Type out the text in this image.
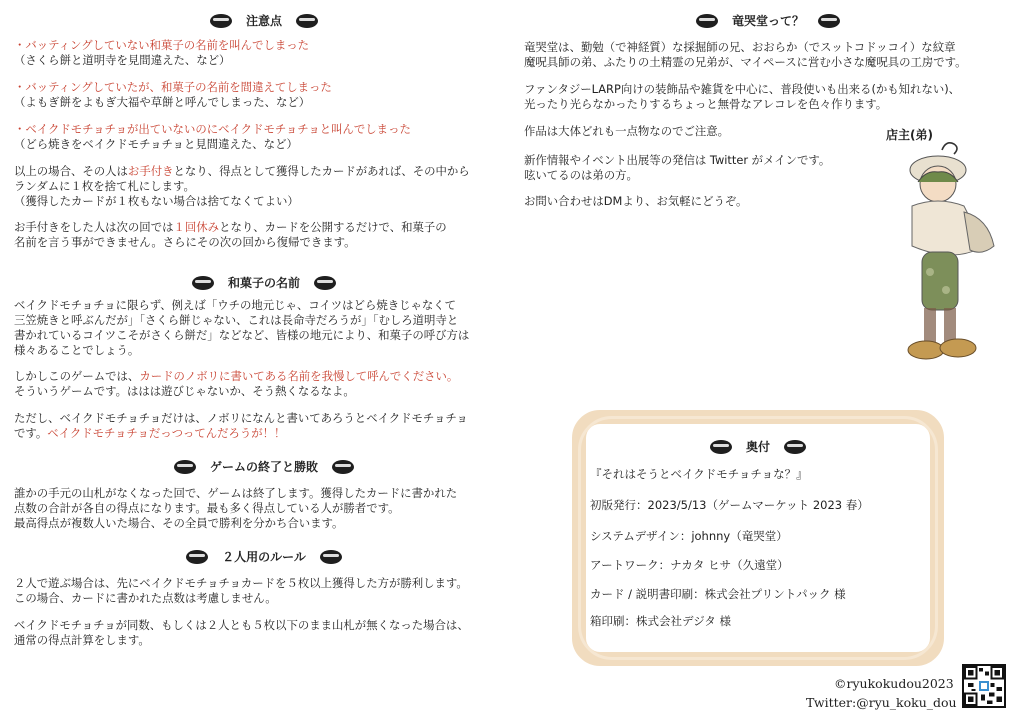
注意点
・バッティングしていない和菓子の名前を叫んでしまった
（さくら餅と道明寺を見間違えた、など）
・バッティングしていたが、和菓子の名前を間違えてしまった
（よもぎ餅をよもぎ大福や草餅と呼んでしまった、など）
・ベイクドモチョチョが出ていないのにベイクドモチョチョと叫んでしまった
（どら焼きをベイクドモチョチョと見間違えた、など）
以上の場合、その人はお手付きとなり、得点として獲得したカードがあれば、その中から
ランダムに１枚を捨て札にします。
（獲得したカードが１枚もない場合は捨てなくてよい）
お手付きをした人は次の回では１回休みとなり、カードを公開するだけで、和菓子の
名前を言う事ができません。さらにその次の回から復帰できます。
和菓子の名前
ベイクドモチョチョに限らず、例えば「ウチの地元じゃ、コイツはどら焼きじゃなくて
三笠焼きと呼ぶんだが」「さくら餅じゃない、これは長命寺だろうが」「むしろ道明寺と
書かれているコイツこそがさくら餅だ」などなど、皆様の地元により、和菓子の呼び方は
様々あることでしょう。
しかしこのゲームでは、カードのノボリに書いてある名前を我慢して呼んでください。
そういうゲームです。ははは遊びじゃないか、そう熱くなるなよ。
ただし、ベイクドモチョチョだけは、ノボリになんと書いてあろうとベイクドモチョチョ
です。ベイクドモチョチョだっつってんだろうが！！
ゲームの終了と勝敗
誰かの手元の山札がなくなった回で、ゲームは終了します。獲得したカードに書かれた
点数の合計が各自の得点になります。最も多く得点している人が勝者です。
最高得点が複数人いた場合、その全員で勝利を分かち合います。
２人用のルール
２人で遊ぶ場合は、先にベイクドモチョチョカードを５枚以上獲得した方が勝利します。
この場合、カードに書かれた点数は考慮しません。
ベイクドモチョチョが同数、もしくは２人とも５枚以下のまま山札が無くなった場合は、
通常の得点計算をします。
竜哭堂って？
竜哭堂は、勤勉（で神経質）な採掘師の兄、おおらか（でスットコドッコイ）な紋章
魔呪具師の弟、ふたりの土精霊の兄弟が、マイペースに営む小さな魔呪具の工房です。
ファンタジーLARP向けの装飾品や雑貨を中心に、普段使いも出来る(かも知れない)、
光ったり光らなかったりするちょっと無骨なアレコレを色々作ります。
作品は大体どれも一点物なのでご注意。
新作情報やイベント出展等の発信は Twitter がメインです。
呟いてるのは弟の方。
お問い合わせはDMより、お気軽にどうぞ。
店主(弟)
奥付
『それはそうとベイクドモチョチョな？』
初版発行：2023/5/13（ゲームマーケット 2023 春）
システムデザイン：johnny（竜哭堂）
アートワーク：ナカタ ヒサ（久遠堂）
カード / 説明書印刷：株式会社プリントパック 様
箱印刷：株式会社デジタ 様
©ryukokudou2023
Twitter:@ryu_koku_dou
